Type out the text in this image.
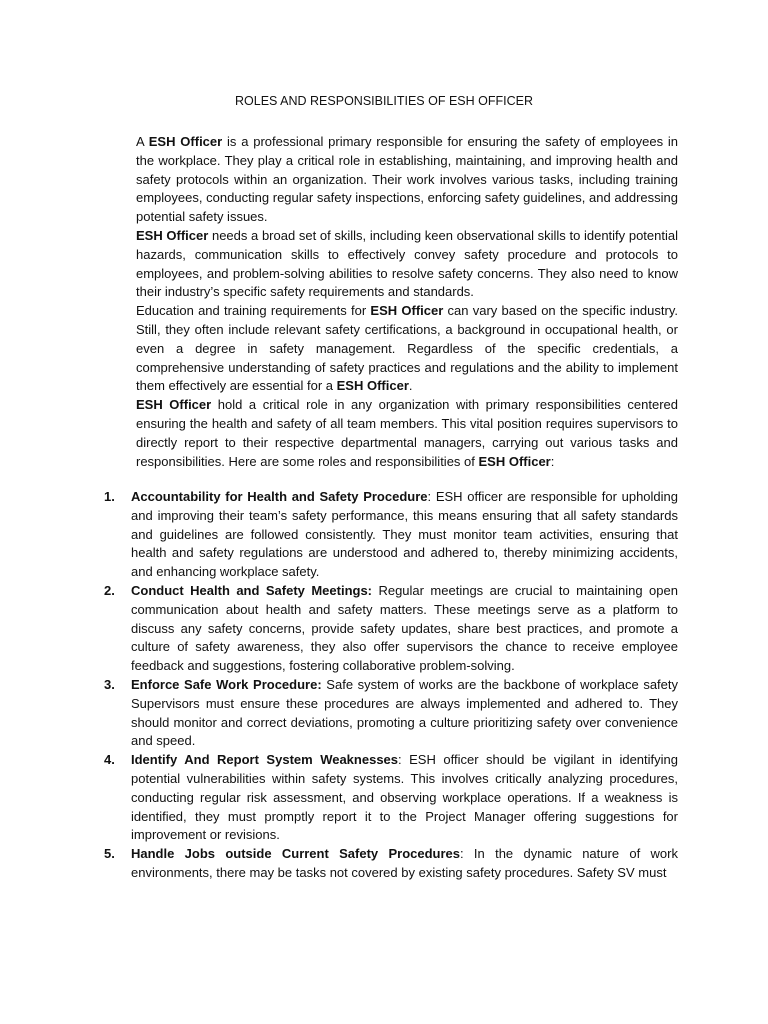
ROLES AND RESPONSIBILITIES OF ESH OFFICER

A ESH Officer is a professional primary responsible for ensuring the safety of employees in the workplace. They play a critical role in establishing, maintaining, and improving health and safety protocols within an organization. Their work involves various tasks, including training employees, conducting regular safety inspections, enforcing safety guidelines, and addressing potential safety issues.

ESH Officer needs a broad set of skills, including keen observational skills to identify potential hazards, communication skills to effectively convey safety procedure and protocols to employees, and problem-solving abilities to resolve safety concerns. They also need to know their industry’s specific safety requirements and standards.

Education and training requirements for ESH Officer can vary based on the specific industry. Still, they often include relevant safety certifications, a background in occupational health, or even a degree in safety management. Regardless of the specific credentials, a comprehensive understanding of safety practices and regulations and the ability to implement them effectively are essential for a ESH Officer.

ESH Officer hold a critical role in any organization with primary responsibilities centered ensuring the health and safety of all team members. This vital position requires supervisors to directly report to their respective departmental managers, carrying out various tasks and responsibilities. Here are some roles and responsibilities of ESH Officer:

1. Accountability for Health and Safety Procedure: ESH officer are responsible for upholding and improving their team’s safety performance, this means ensuring that all safety standards and guidelines are followed consistently. They must monitor team activities, ensuring that health and safety regulations are understood and adhered to, thereby minimizing accidents, and enhancing workplace safety.
2. Conduct Health and Safety Meetings: Regular meetings are crucial to maintaining open communication about health and safety matters. These meetings serve as a platform to discuss any safety concerns, provide safety updates, share best practices, and promote a culture of safety awareness, they also offer supervisors the chance to receive employee feedback and suggestions, fostering collaborative problem-solving.
3. Enforce Safe Work Procedure: Safe system of works are the backbone of workplace safety Supervisors must ensure these procedures are always implemented and adhered to. They should monitor and correct deviations, promoting a culture prioritizing safety over convenience and speed.
4. Identify And Report System Weaknesses: ESH officer should be vigilant in identifying potential vulnerabilities within safety systems. This involves critically analyzing procedures, conducting regular risk assessment, and observing workplace operations. If a weakness is identified, they must promptly report it to the Project Manager offering suggestions for improvement or revisions.
5. Handle Jobs outside Current Safety Procedures: In the dynamic nature of work environments, there may be tasks not covered by existing safety procedures. Safety SV must
